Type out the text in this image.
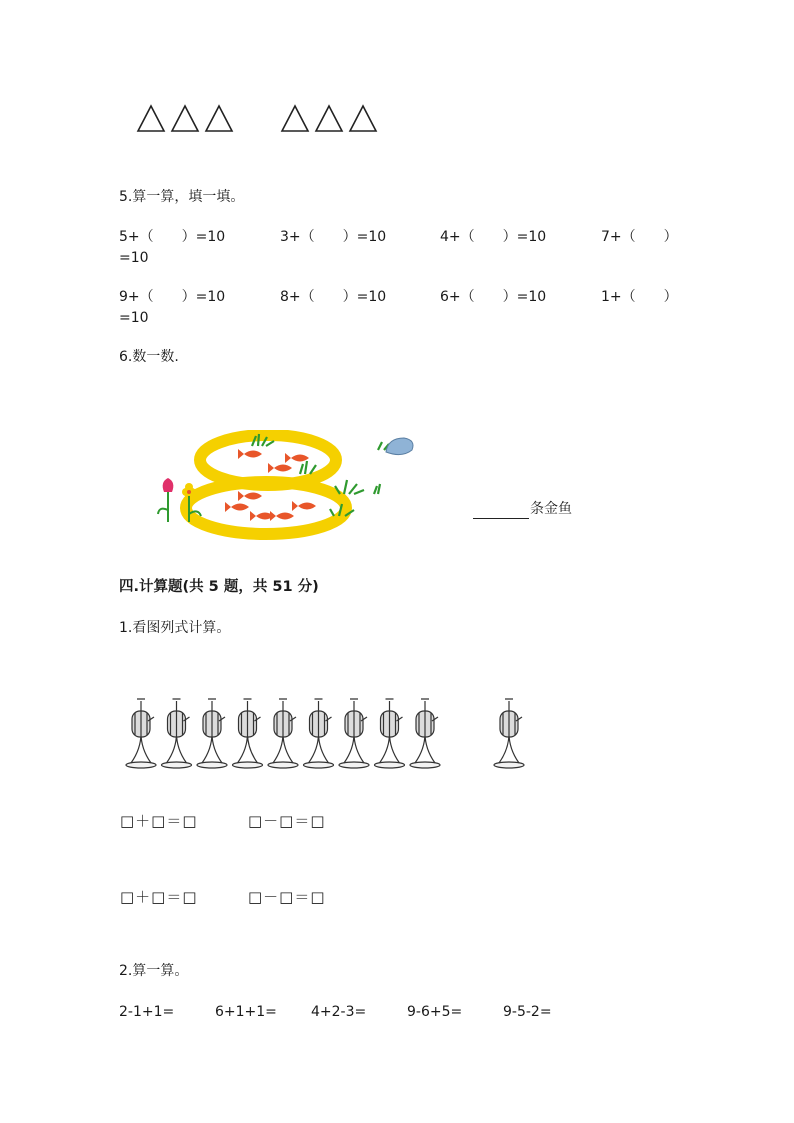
5.算一算，填一填。
5+（　　）=10	3+（　　）=10	4+（　　）=10	7+（　　）
=10
9+（　　）=10	8+（　　）=10	6+（　　）=10	1+（　　）
=10
6.数一数.
条金鱼
四.计算题(共 5 题，共 51 分)
1.看图列式计算。
□＋□＝□	□－□＝□
□＋□＝□	□－□＝□
2.算一算。
2-1+1=	6+1+1= 4+2-3=	9-6+5=	9-5-2=
